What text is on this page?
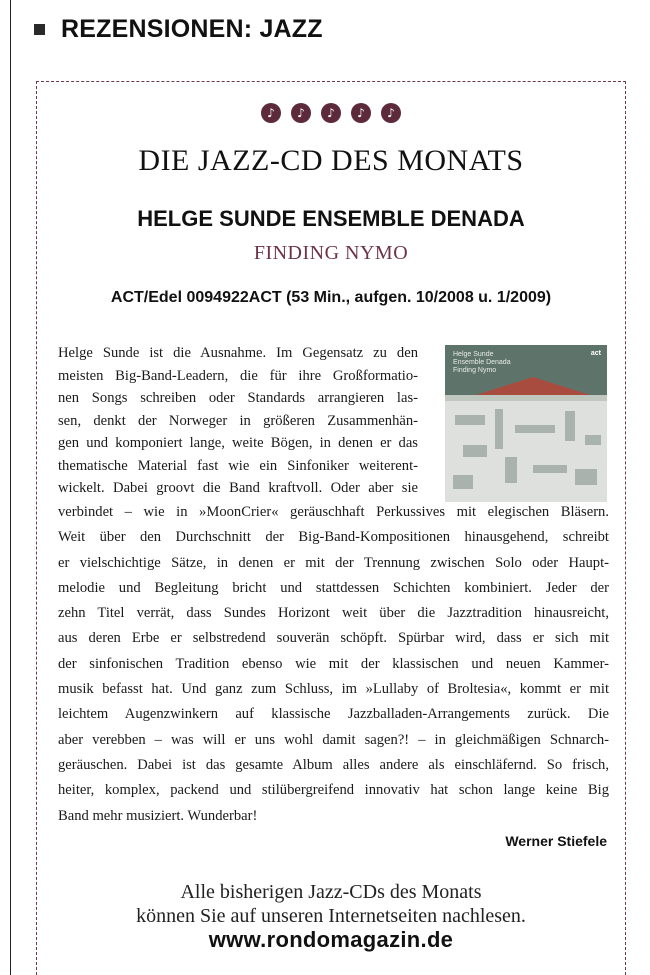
REZENSIONEN: JAZZ
♪ ♪ ♪ ♪ ♪
DIE JAZZ-CD DES MONATS
HELGE SUNDE ENSEMBLE DENADA
FINDING NYMO
ACT/Edel 0094922ACT (53 Min., aufgen. 10/2008 u. 1/2009)
Helge Sunde
Ensemble Denada
Finding Nymo
act
Helge Sunde ist die Ausnahme. Im Gegensatz zu den
meisten Big-Band-Leadern, die für ihre Großformatio-
nen Songs schreiben oder Standards arrangieren las-
sen, denkt der Norweger in größeren Zusammenhän-
gen und komponiert lange, weite Bögen, in denen er das
thematische Material fast wie ein Sinfoniker weiterent-
wickelt. Dabei groovt die Band kraftvoll. Oder aber sie
verbindet – wie in »MoonCrier« geräuschhaft Perkussives mit elegischen Bläsern.
Weit über den Durchschnitt der Big-Band-Kompositionen hinausgehend, schreibt
er vielschichtige Sätze, in denen er mit der Trennung zwischen Solo oder Haupt-
melodie und Begleitung bricht und stattdessen Schichten kombiniert. Jeder der
zehn Titel verrät, dass Sundes Horizont weit über die Jazztradition hinausreicht,
aus deren Erbe er selbstredend souverän schöpft. Spürbar wird, dass er sich mit
der sinfonischen Tradition ebenso wie mit der klassischen und neuen Kammer-
musik befasst hat. Und ganz zum Schluss, im »Lullaby of Broltesia«, kommt er mit
leichtem Augenzwinkern auf klassische Jazzballaden-Arrangements zurück. Die
aber verebben – was will er uns wohl damit sagen?! – in gleichmäßigen Schnarch-
geräuschen. Dabei ist das gesamte Album alles andere als einschläfernd. So frisch,
heiter, komplex, packend und stilübergreifend innovativ hat schon lange keine Big
Band mehr musiziert. Wunderbar!
Werner Stiefele
Alle bisherigen Jazz-CDs des Monats
können Sie auf unseren Internetseiten nachlesen.
www.rondomagazin.de
